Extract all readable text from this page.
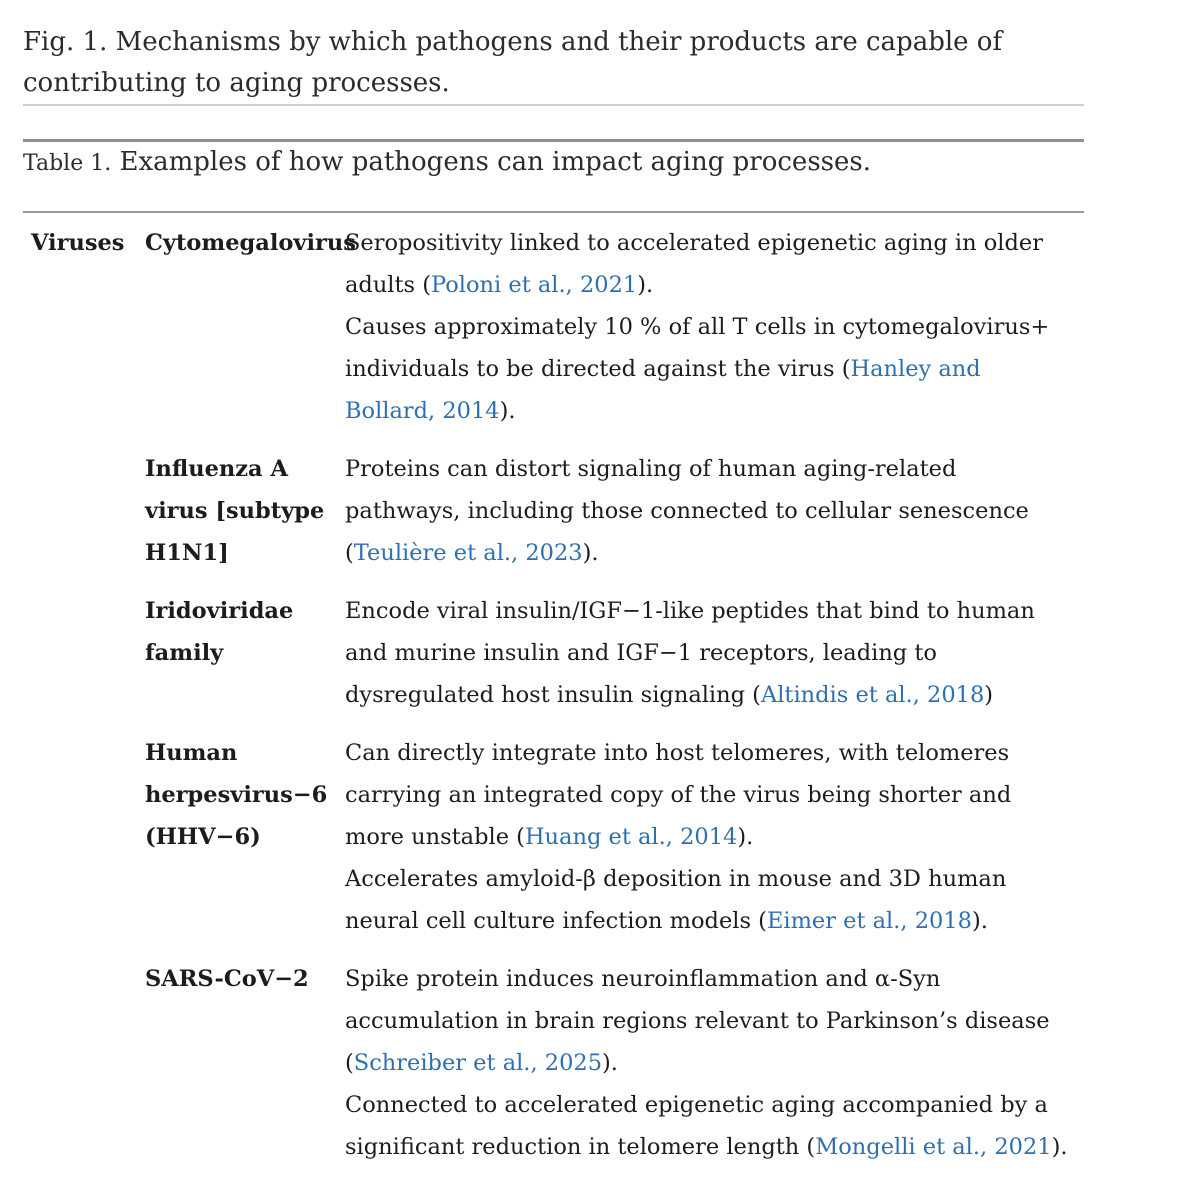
Fig. 1. Mechanisms by which pathogens and their products are capable of contributing to aging processes.

Table 1. Examples of how pathogens can impact aging processes.

Viruses Cytomegalovirus

Seropositivity linked to accelerated epigenetic aging in older adults (Poloni et al., 2021).

Causes approximately 10 % of all T cells in cytomegalovirus+ individuals to be directed against the virus (Hanley and Bollard, 2014).

Influenza A virus [subtype H1N1]

Proteins can distort signaling of human aging-related pathways, including those connected to cellular senescence (Teulière et al., 2023).

Iridoviridae family

Encode viral insulin/IGF−1-like peptides that bind to human and murine insulin and IGF−1 receptors, leading to dysregulated host insulin signaling (Altindis et al., 2018)

Human herpesvirus−6 (HHV−6)

Can directly integrate into host telomeres, with telomeres carrying an integrated copy of the virus being shorter and more unstable (Huang et al., 2014).

Accelerates amyloid-β deposition in mouse and 3D human neural cell culture infection models (Eimer et al., 2018).

SARS-CoV−2	Spike protein induces neuroinflammation and α-Syn accumulation in brain regions relevant to Parkinson’s disease (Schreiber et al., 2025).

Connected to accelerated epigenetic aging accompanied by a significant reduction in telomere length (Mongelli et al., 2021).
